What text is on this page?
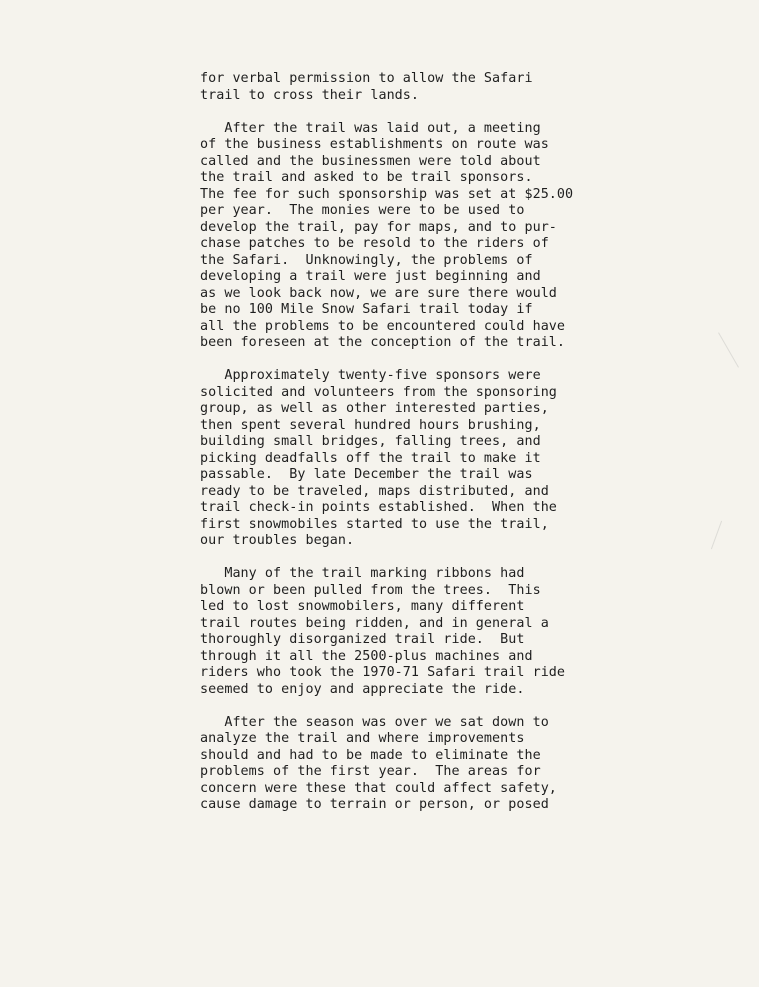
for verbal permission to allow the Safari
trail to cross their lands.
After the trail was laid out, a meeting
of the business establishments on route was
called and the businessmen were told about
the trail and asked to be trail sponsors.
The fee for such sponsorship was set at $25.00
per year.  The monies were to be used to
develop the trail, pay for maps, and to pur-
chase patches to be resold to the riders of
the Safari.  Unknowingly, the problems of
developing a trail were just beginning and
as we look back now, we are sure there would
be no 100 Mile Snow Safari trail today if
all the problems to be encountered could have
been foreseen at the conception of the trail.
Approximately twenty-five sponsors were
solicited and volunteers from the sponsoring
group, as well as other interested parties,
then spent several hundred hours brushing,
building small bridges, falling trees, and
picking deadfalls off the trail to make it
passable.  By late December the trail was
ready to be traveled, maps distributed, and
trail check-in points established.  When the
first snowmobiles started to use the trail,
our troubles began.
Many of the trail marking ribbons had
blown or been pulled from the trees.  This
led to lost snowmobilers, many different
trail routes being ridden, and in general a
thoroughly disorganized trail ride.  But
through it all the 2500-plus machines and
riders who took the 1970-71 Safari trail ride
seemed to enjoy and appreciate the ride.
After the season was over we sat down to
analyze the trail and where improvements
should and had to be made to eliminate the
problems of the first year.  The areas for
concern were these that could affect safety,
cause damage to terrain or person, or posed
